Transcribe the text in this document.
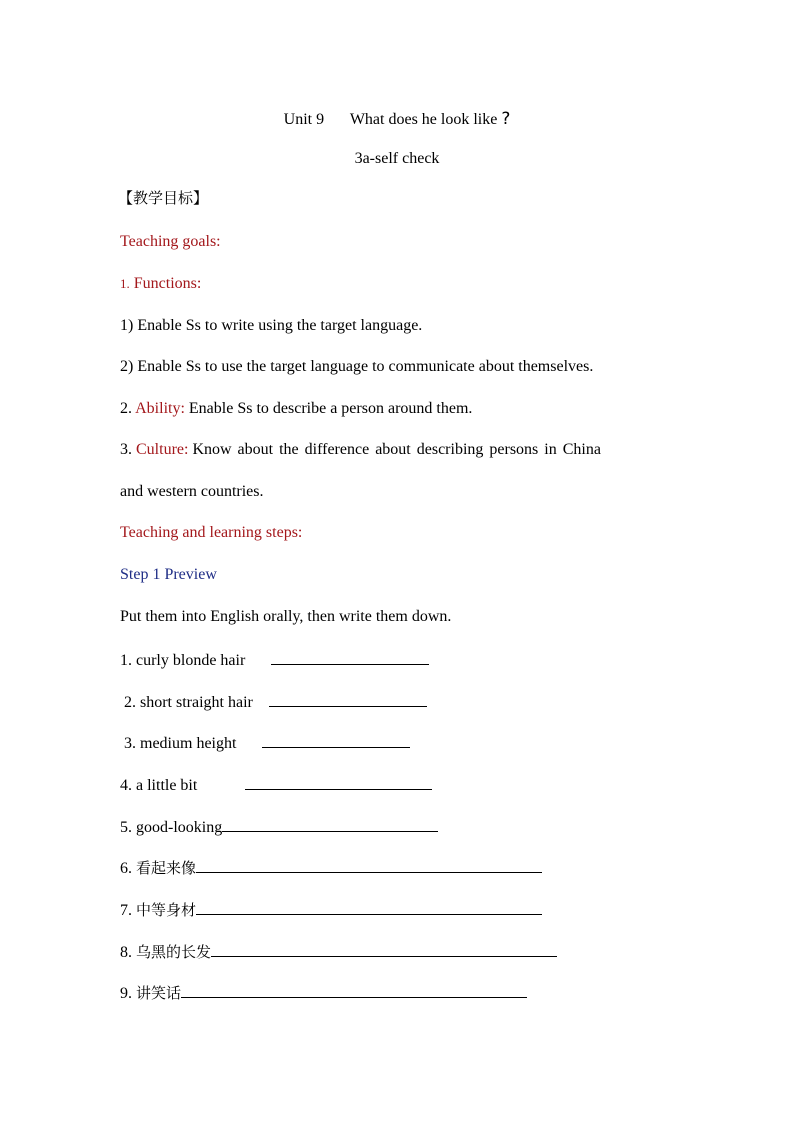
Unit 9 What does he look like ?
3a-self check
【教学目标】
Teaching goals:
1. Functions:
1) Enable Ss to write using the target language.
2) Enable Ss to use the target language to communicate about themselves.
2. Ability: Enable Ss to describe a person around them.
3. Culture: Know about the difference about describing persons in China
and western countries.
Teaching and learning steps:
Step 1 Preview
Put them into English orally, then write them down.
1. curly blonde hair
2. short straight hair
3. medium height
4. a little bit
5. good-looking
6. 看起来像
7. 中等身材
8. 乌黑的长发
9. 讲笑话
